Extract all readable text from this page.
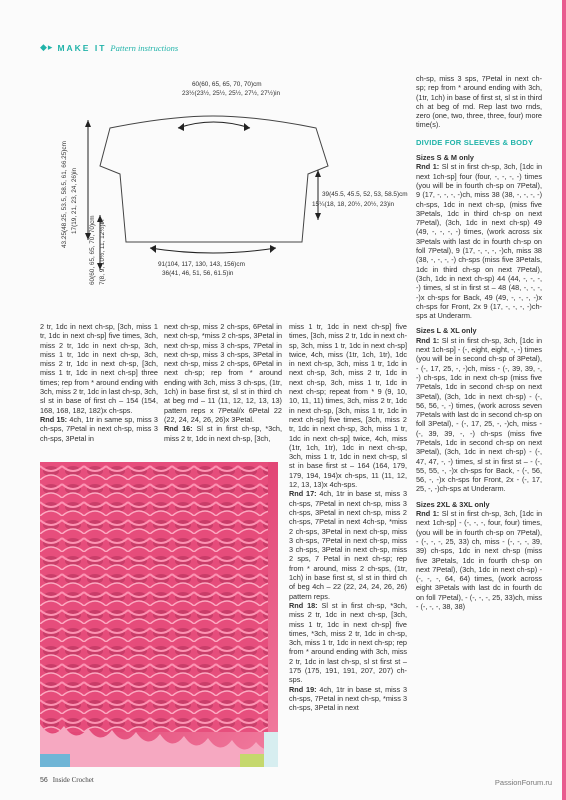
◆▸ MAKE IT Pattern instructions
60(60, 65, 65, 70, 70)cm
23½(23½, 25½, 25½, 27½, 27½)in
43.25(48.25, 53.5, 58.5, 61, 66.25)cm 17(19, 21, 23, 24, 26)in	39(45.5, 45.5, 52, 53, 58.5)cm
15¼(18, 18, 20½, 20½, 23)in
60(60, 65, 65, 70, 70)cm 7(8, 9, 10½, 11, 12½)in	91(104, 117, 130, 143, 156)cm
36(41, 46, 51, 56, 61.5)in

2 tr, 1dc in next ch-sp, [3ch, miss 1 tr, 1dc in next ch-sp] five times, 3ch, miss 2 tr, 1dc in next ch-sp, 3ch, miss 1 tr, 1dc in next ch-sp, 3ch, miss 2 tr, 1dc in next ch-sp, [3ch, miss 1 tr, 1dc in next ch-sp] three times; rep from * around ending with 3ch, miss 2 tr, 1dc in last ch-sp, 3ch, sl st in base of first ch – 154 (154, 168, 168, 182, 182)x ch-sps.

Rnd 15: 4ch, 1tr in same sp, miss 3 ch-sps, 7Petal in next ch-sp, miss 3 ch-sps, 3Petal in

next ch-sp, miss 2 ch-sps, 6Petal in next ch-sp, *miss 2 ch-sps, 3Petal in next ch-sp, miss 3 ch-sps, 7Petal in next ch-sp, miss 3 ch-sps, 3Petal in next ch-sp, miss 2 ch-sps, 6Petal in next ch-sp; rep from * around ending with 3ch, miss 3 ch-sps, (1tr, 1ch) in base first st, sl st in third ch at beg rnd – 11 (11, 12, 12, 13, 13) pattern reps x 7Petal/x 6Petal 22 (22, 24, 24, 26, 26)x 3Petal.

Rnd 16: Sl st in first ch-sp, *3ch, miss 2 tr, 1dc in next ch-sp, [3ch,

miss 1 tr, 1dc in next ch-sp] five times, [3ch, miss 2 tr, 1dc in next ch-sp, 3ch, miss 1 tr, 1dc in next ch-sp] twice, 4ch, miss (1tr, 1ch, 1tr), 1dc in next ch-sp, 3ch, miss 1 tr, 1dc in next ch-sp, 3ch, miss 2 tr, 1dc in next ch-sp, 3ch, miss 1 tr, 1dc in next ch-sp; repeat from * 9 (9, 10, 10, 11, 11) times, 3ch, miss 2 tr, 1dc in next ch-sp, [3ch, miss 1 tr, 1dc in next ch-sp] five times, [3ch, miss 2 tr, 1dc in next ch-sp, 3ch, miss 1 tr, 1dc in next ch-sp] twice, 4ch, miss (1tr, 1ch, 1tr), 1dc in next ch-sp, 3ch, miss 1 tr, 1dc in next ch-sp, sl st in base first st – 164 (164, 179, 179, 194, 194)x ch-sps, 11 (11, 12, 12, 13, 13)x 4ch-sps.

Rnd 17: 4ch, 1tr in base st, miss 3 ch-sps, 7Petal in next ch-sp, miss 3 ch-sps, 3Petal in next ch-sp, miss 2 ch-sps, 7Petal in next 4ch-sp, *miss 2 ch-sps, 3Petal in next ch-sp, miss 3 ch-sps, 7Petal in next ch-sp, miss 3 ch-sps, 3Petal in next ch-sp, miss 2 sps, 7 Petal in next ch-sp; rep from * around, miss 2 ch-sps, (1tr, 1ch) in base first st, sl st in third ch of beg 4ch – 22 (22, 24, 24, 26, 26) pattern reps.

Rnd 18: Sl st in first ch-sp, *3ch, miss 2 tr, 1dc in next ch-sp, [3ch, miss 1 tr, 1dc in next ch-sp] five times, *3ch, miss 2 tr, 1dc in ch-sp, 3ch, miss 1 tr, 1dc in next ch-sp; rep from * around ending with 3ch, miss 2 tr, 1dc in last ch-sp, sl st first st – 175 (175, 191, 191, 207, 207) ch-sps.

Rnd 19: 4ch, 1tr in base st, miss 3 ch-sps, 7Petal in next ch-sp, *miss 3 ch-sps, 3Petal in next

ch-sp, miss 3 sps, 7Petal in next ch-sp; rep from * around ending with 3ch, (1tr, 1ch) in base of first st, sl st in third ch at beg of rnd. Rep last two rnds, zero (one, two, three, three, four) more time(s).

DIVIDE FOR SLEEVES & BODY

Sizes S & M only

Rnd 1: Sl st in first ch-sp, 3ch, [1dc in next 1ch-sp] four (four, -, -, -, -) times (you will be in fourth ch-sp on 7Petal), 9 (17, -, -, -, -)ch, miss 38 (38, -, -, -, -) ch-sps, 1dc in next ch-sp, (miss five 3Petals, 1dc in third ch-sp on next 7Petal), (3ch, 1dc in next ch-sp) 49 (49, -, -, -, -) times, (work across six 3Petals with last dc in fourth ch-sp on foll 7Petal), 9 (17, -, -, -, -)ch, miss 38 (38, -, -, -, -) ch-sps (miss five 3Petals, 1dc in third ch-sp on next 7Petal), (3ch, 1dc in next ch-sp) 44 (44, -, -, -, -) times, sl st in first st – 48 (48, -, -, -, -)x ch-sps for Back, 49 (49, -, -, -, -)x ch-sps for Front, 2x 9 (17, -, -, -, -)ch-sps at Underarm.

Sizes L & XL only

Rnd 1: Sl st in first ch-sp, 3ch, [1dc in next 1ch-sp] - (-, eight, eight, -, -) times (you will be in second ch-sp of 3Petal), - (-, 17, 25, -, -)ch, miss - (-, 39, 39, -, -) ch-sps, 1dc in next ch-sp (miss five 7Petals, 1dc in second ch-sp on next 3Petal), (3ch, 1dc in next ch-sp) - (-, 56, 56, -, -) times, (work across seven 7Petals with last dc in second ch-sp on foll 3Petal), - (-, 17, 25, -, -)ch, miss - (-, 39, 39, -, -) ch-sps (miss five 7Petals, 1dc in second ch-sp on next 3Petal), (3ch, 1dc in next ch-sp) - (-, 47, 47, -, -) times, sl st in first st – - (-, 55, 55, -, -)x ch-sps for Back, - (-, 56, 56, -, -)x ch-sps for Front, 2x - (-, 17, 25, -, -)ch-sps at Underarm.

Sizes 2XL & 3XL only

Rnd 1: Sl st in first ch-sp, 3ch, [1dc in next 1ch-sp] - (-, -, -, four, four) times, (you will be in fourth ch-sp on 7Petal), - (-, -, -, 25, 33) ch, miss - (-, -, -, 39, 39) ch-sps, 1dc in next ch-sp (miss five 3Petals, 1dc in fourth ch-sp on next 7Petal), (3ch, 1dc in next ch-sp) - (-, -, -, 64, 64) times, (work across eight 3Petals with last dc in fourth dc on foll 7Petal), - (-, -, -, 25, 33)ch, miss - (-, -, -, 38, 38)

56 Inside Crochet	PassionForum.ru
